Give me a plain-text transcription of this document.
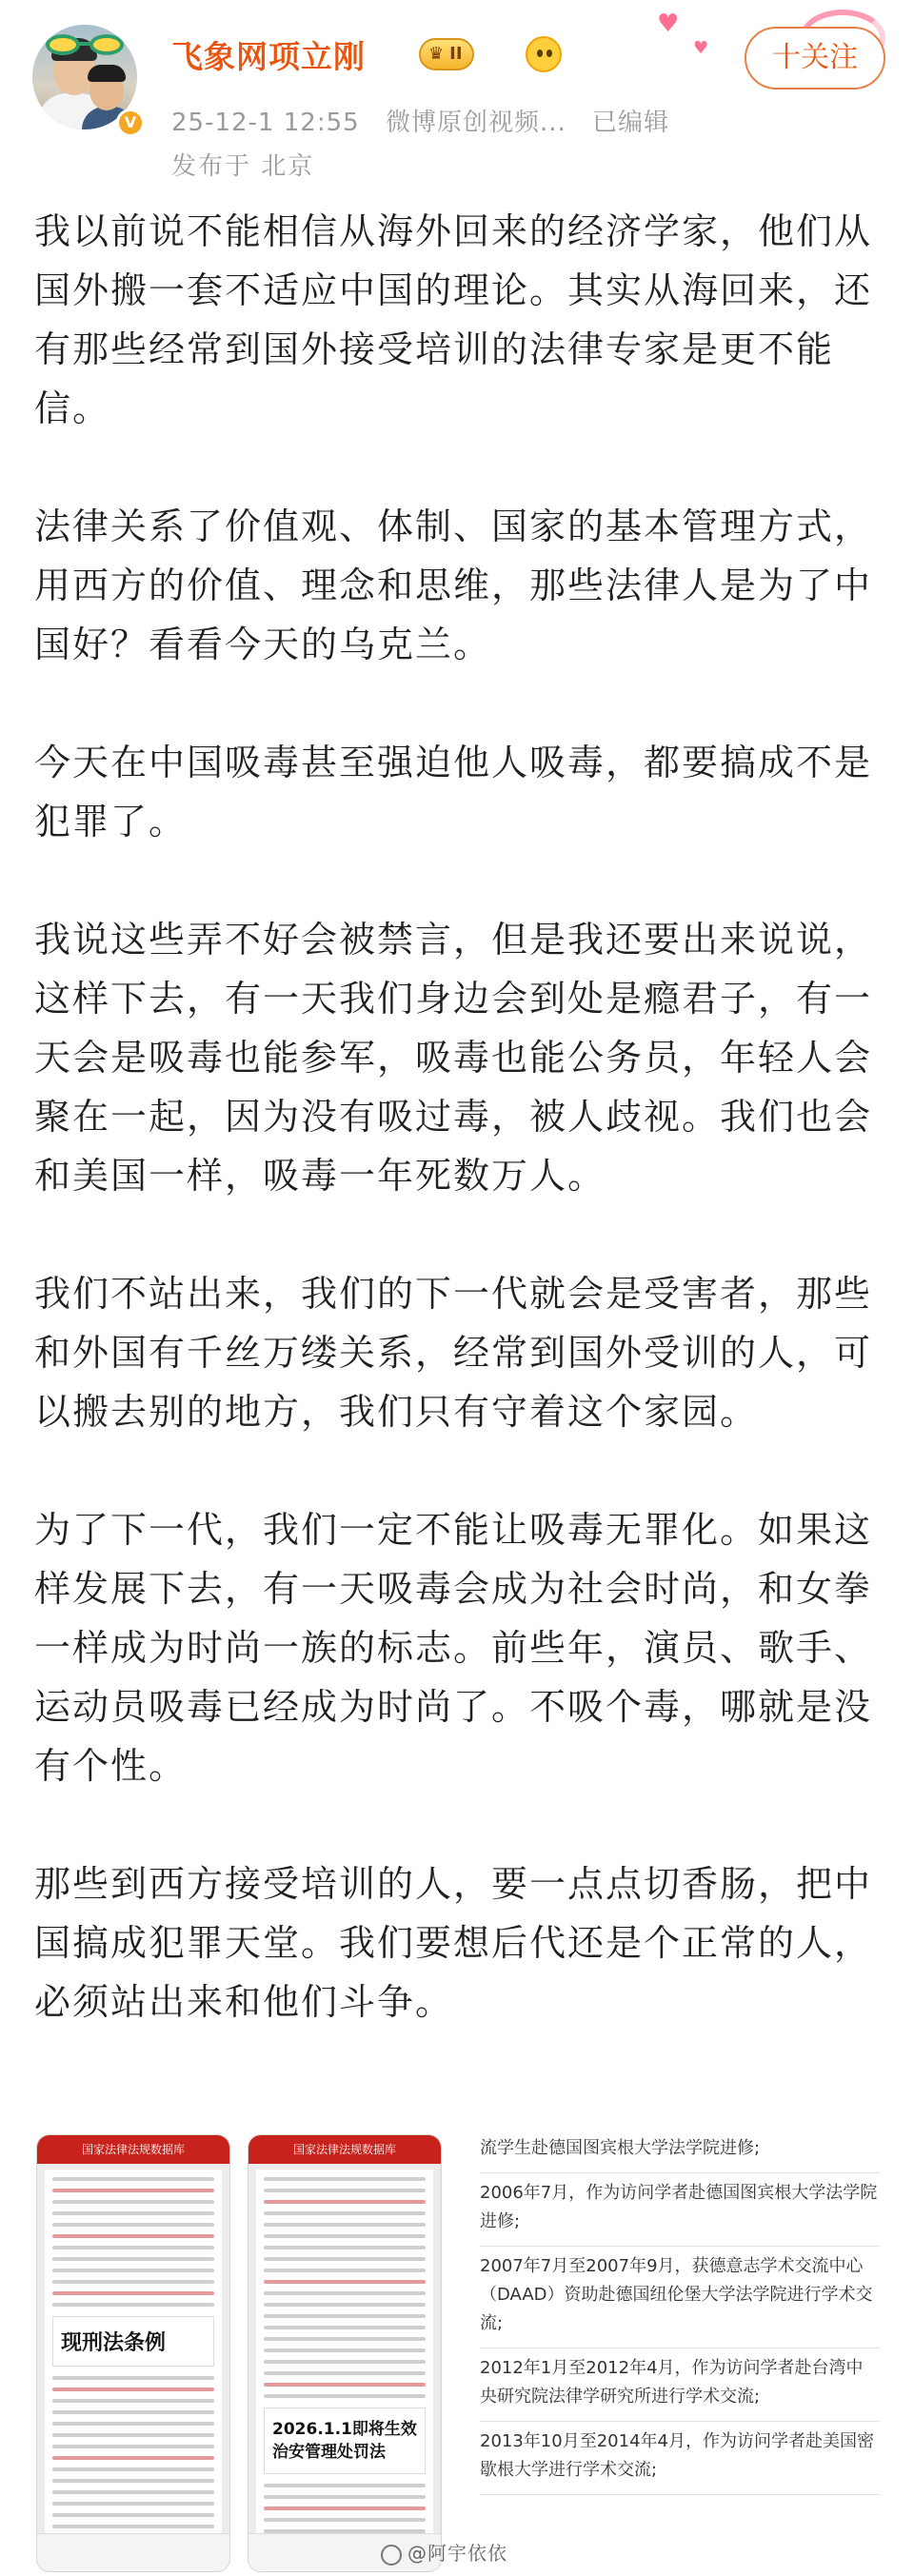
V
飞象网项立刚	♛ II
25-12-1 12:55 微博原创视频... 已编辑
发布于 北京
♥
♥	十关注

我以前说不能相信从海外回来的经济学家，他们从国外搬一套不适应中国的理论。其实从海回来，还有那些经常到国外接受培训的法律专家是更不能信。

法律关系了价值观、体制、国家的基本管理方式，用西方的价值、理念和思维，那些法律人是为了中国好？看看今天的乌克兰。

今天在中国吸毒甚至强迫他人吸毒，都要搞成不是犯罪了。

我说这些弄不好会被禁言，但是我还要出来说说，这样下去，有一天我们身边会到处是瘾君子，有一天会是吸毒也能参军，吸毒也能公务员，年轻人会聚在一起，因为没有吸过毒，被人歧视。我们也会和美国一样，吸毒一年死数万人。

我们不站出来，我们的下一代就会是受害者，那些和外国有千丝万缕关系，经常到国外受训的人，可以搬去别的地方，我们只有守着这个家园。

为了下一代，我们一定不能让吸毒无罪化。如果这样发展下去，有一天吸毒会成为社会时尚，和女拳一样成为时尚一族的标志。前些年，演员、歌手、运动员吸毒已经成为时尚了。不吸个毒，哪就是没有个性。

那些到西方接受培训的人，要一点点切香肠，把中国搞成犯罪天堂。我们要想后代还是个正常的人，必须站出来和他们斗争。

国家法律法规数据库
现刑法条例
国家法律法规数据库
2026.1.1即将生效治安管理处罚法
流学生赴德国图宾根大学法学院进修;
2006年7月，作为访问学者赴德国图宾根大学法学院进修;
2007年7月至2007年9月，获德意志学术交流中心（DAAD）资助赴德国纽伦堡大学法学院进行学术交流;
2012年1月至2012年4月，作为访问学者赴台湾中央研究院法律学研究所进行学术交流;
2013年10月至2014年4月，作为访问学者赴美国密歇根大学进行学术交流;
@阿宇依依
